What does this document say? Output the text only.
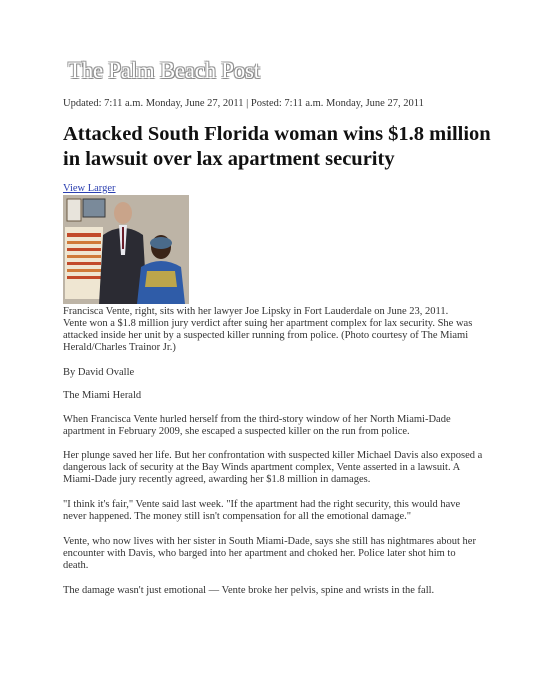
The Palm Beach Post
Updated: 7:11 a.m. Monday, June 27, 2011 | Posted: 7:11 a.m. Monday, June 27, 2011
Attacked South Florida woman wins $1.8 million in lawsuit over lax apartment security
View Larger

Francisca Vente, right, sits with her lawyer Joe Lipsky in Fort Lauderdale on June 23, 2011. Vente won a $1.8 million jury verdict after suing her apartment complex for lax security. She was attacked inside her unit by a suspected killer running from police. (Photo courtesy of The Miami Herald/Charles Trainor Jr.)

By David Ovalle

The Miami Herald

When Francisca Vente hurled herself from the third-story window of her North Miami-Dade apartment in February 2009, she escaped a suspected killer on the run from police.

Her plunge saved her life. But her confrontation with suspected killer Michael Davis also exposed a dangerous lack of security at the Bay Winds apartment complex, Vente asserted in a lawsuit. A Miami-Dade jury recently agreed, awarding her $1.8 million in damages.

"I think it's fair," Vente said last week. "If the apartment had the right security, this would have never happened. The money still isn't compensation for all the emotional damage."

Vente, who now lives with her sister in South Miami-Dade, says she still has nightmares about her encounter with Davis, who barged into her apartment and choked her. Police later shot him to death.

The damage wasn't just emotional — Vente broke her pelvis, spine and wrists in the fall.
